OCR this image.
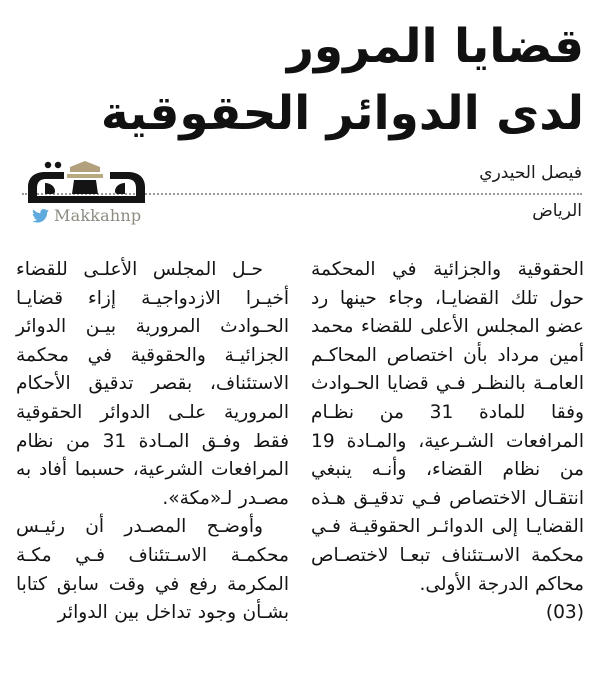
قضايا المرور
لدى الدوائر الحقوقية
Makkahnp
فيصل الحيدري
الرياض

حـل المجلس الأعلـى للقضاء أخيـرا الازدواجيـة إزاء قضايـا الحـوادث المرورية بيـن الدوائر الجزائيـة والحقوقية في محكمة الاستئناف، بقصر تدقيق الأحكام المرورية علـى الدوائر الحقوقية فقط وفـق المـادة 31 من نظام المرافعات الشرعية، حسبما أفاد به مصـدر لـ«مكة».

وأوضـح المصـدر أن رئيـس محكمـة الاسـتئناف فـي مكـة المكرمة رفع في وقت سابق كتابا بشـأن وجود تداخل بين الدوائر

الحقوقية والجزائية في المحكمة حول تلك القضايـا، وجاء حينها رد عضو المجلس الأعلى للقضاء محمد أمين مرداد بأن اختصاص المحاكـم العامـة بالنظـر فـي قضايا الحـوادث وفقا للمادة 31 من نظـام المرافعات الشـرعية، والمـادة 19 من نظام القضاء، وأنـه ينبغي انتقـال الاختصاص فـي تدقيـق هـذه القضايـا إلى الدوائـر الحقوقيـة فـي محكمة الاسـتئناف تبعـا لاختصـاص محاكم الدرجة الأولى.

(03)
